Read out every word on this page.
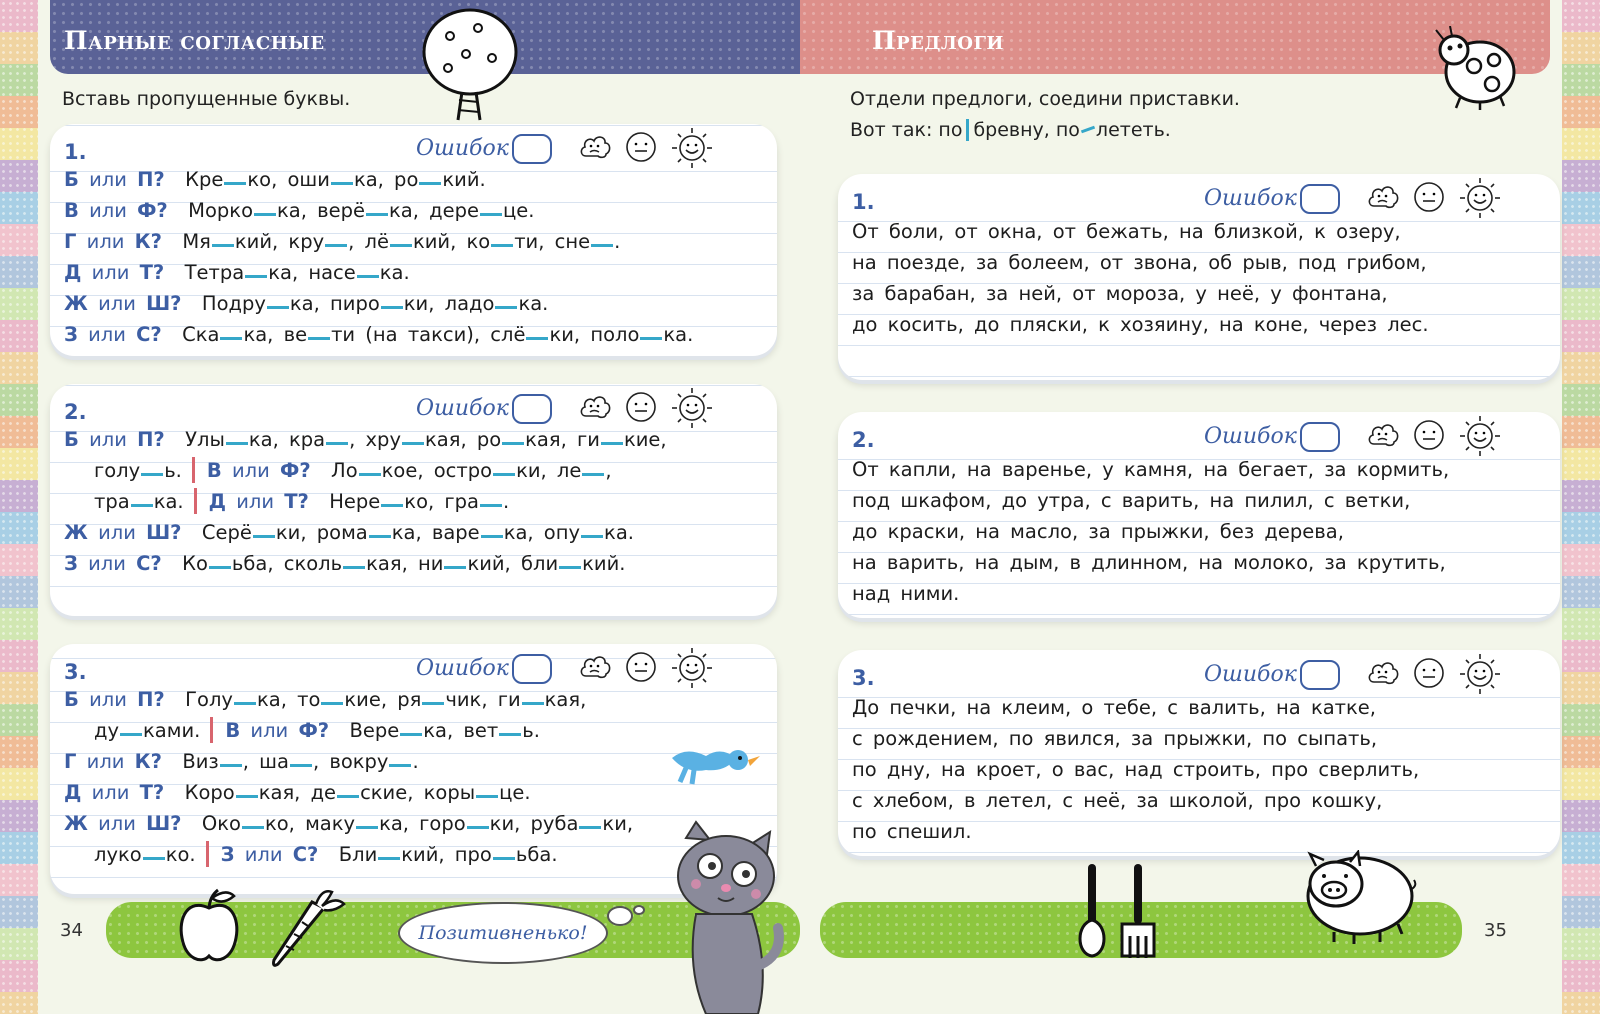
Парные согласные
Вставь пропущенные буквы.
1.	Ошибок
Б или П? Кре ко, оши ка, ро кий.
В или Ф? Морко ка, верё ка, дере це.
Г или К? Мя кий, кру , лё кий, ко ти, сне .
Д или Т? Тетра ка, насе ка.
Ж или Ш? Подру ка, пиро ки, ладо ка.
З или С? Ска ка, ве ти (на такси), слё ки, поло ка.
2.	Ошибок
Б или П? Улы ка, кра , хру кая, ро кая, ги кие,
голу ь. В или Ф? Ло кое, остро ки, ле ,
тра ка. Д или Т? Нере ко, гра .
Ж или Ш? Серё ки, рома ка, варе ка, опу ка.
З или С? Ко ьба, сколь кая, ни кий, бли кий.
3.	Ошибок
Б или П? Голу ка, то кие, ря чик, ги кая,
ду ками. В или Ф? Вере ка, вет ь.
Г или К? Виз , ша , вокру .
Д или Т? Коро кая, де ские, коры це.
Ж или Ш? Око ко, маку ка, горо ки, руба ки,
луко ко. З или С? Бли кий, про ьба.
34	Позитивненько!
Предлоги
Отдели предлоги, соедини приставки.
Вот так: по бревну, по лететь.
1.	Ошибок
От боли, от окна, от бежать, на близкой, к озеру,
на поезде, за болеем, от звона, об рыв, под грибом,
за барабан, за ней, от мороза, у неё, у фонтана,
до косить, до пляски, к хозяину, на коне, через лес.
2.	Ошибок
От капли, на варенье, у камня, на бегает, за кормить,
под шкафом, до утра, с варить, на пилил, с ветки,
до краски, на масло, за прыжки, без дерева,
на варить, на дым, в длинном, на молоко, за крутить,
над ними.
3.	Ошибок
До печки, на клеим, о тебе, с валить, на катке,
с рождением, по явился, за прыжки, по сыпать,
по дну, на кроет, о вас, над строить, про сверлить,
с хлебом, в летел, с неё, за школой, про кошку,
по спешил.
35
